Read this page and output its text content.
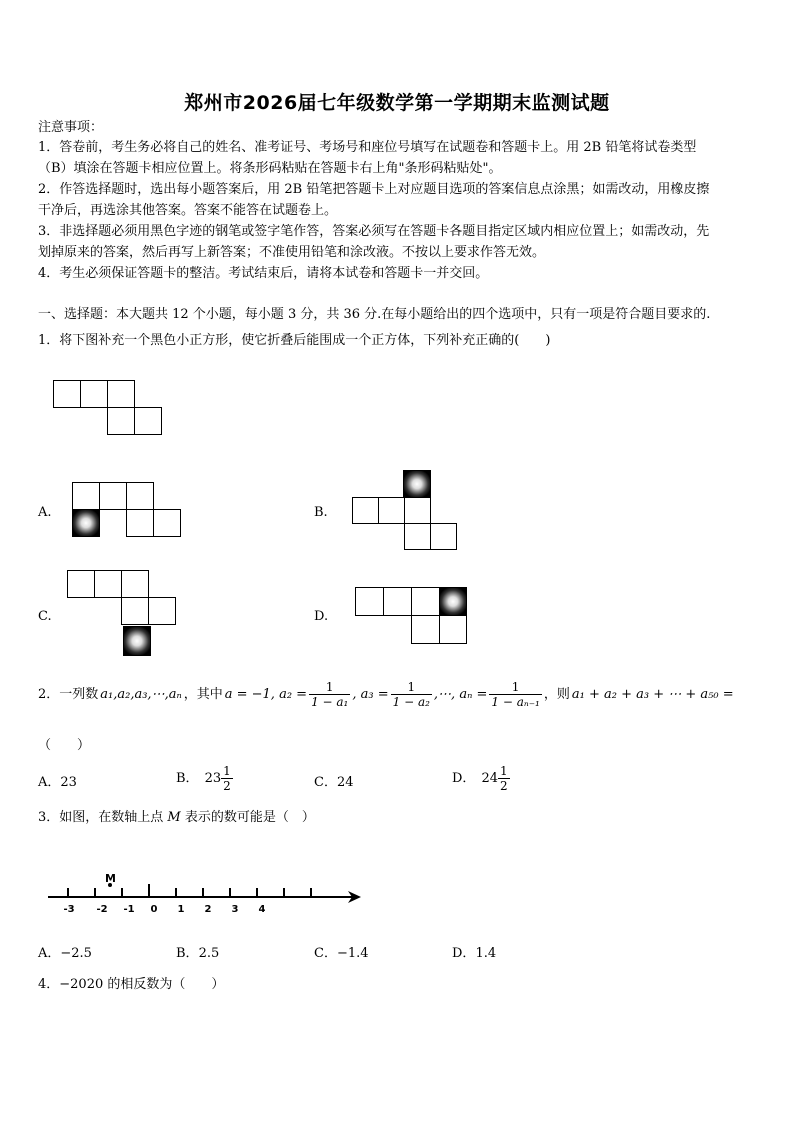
郑州市2026届七年级数学第一学期期末监测试题
注意事项：
1．答卷前，考生务必将自己的姓名、准考证号、考场号和座位号填写在试题卷和答题卡上。用 2B 铅笔将试卷类型
（B）填涂在答题卡相应位置上。将条形码粘贴在答题卡右上角"条形码粘贴处"。
2．作答选择题时，选出每小题答案后，用 2B 铅笔把答题卡上对应题目选项的答案信息点涂黑；如需改动，用橡皮擦
干净后，再选涂其他答案。答案不能答在试题卷上。
3．非选择题必须用黑色字迹的钢笔或签字笔作答，答案必须写在答题卡各题目指定区域内相应位置上；如需改动，先
划掉原来的答案，然后再写上新答案；不准使用铅笔和涂改液。不按以上要求作答无效。
4．考生必须保证答题卡的整洁。考试结束后，请将本试卷和答题卡一并交回。
一、选择题：本大题共 12 个小题，每小题 3 分，共 36 分.在每小题给出的四个选项中，只有一项是符合题目要求的.
1．将下图补充一个黑色小正方形，使它折叠后能围成一个正方体，下列补充正确的(　　)
A.	B.
C.	D.
2．一列数 a₁,a₂,a₃,⋯,aₙ ，其中 a = −1, $a_2 = \frac{1}{\text{1 − a₁}}$ , $a_3 = \frac{1}{\text{1 − a₂}}$ ,⋯, $a_n = \frac{1}{\text{1 − aₙ₋₁}}$ ，则 a₁ + a₂ + a₃ + ⋯ + a₅₀ =
（　　）
A．23	B． $23 \frac{1}{2}$	C．24	D． $24 \frac{1}{2}$
3．如图，在数轴上点 M 表示的数可能是（　）
M
-3	-2	-1	0	1	2	3	4
A．−2.5	B．2.5	C．−1.4	D．1.4
4．−2020 的相反数为（　　）
